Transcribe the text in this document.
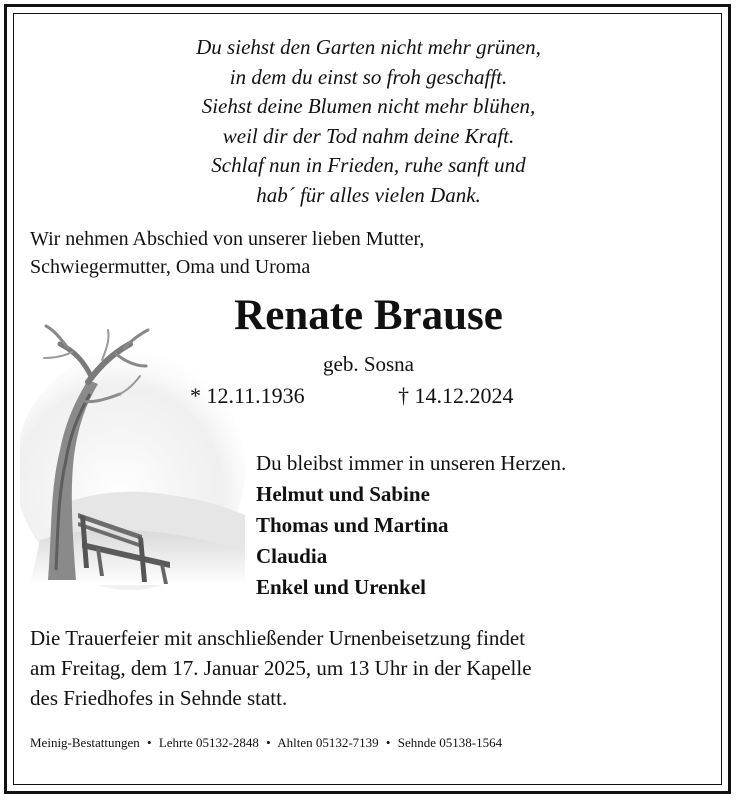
Du siehst den Garten nicht mehr grünen,
in dem du einst so froh geschafft.
Siehst deine Blumen nicht mehr blühen,
weil dir der Tod nahm deine Kraft.
Schlaf nun in Frieden, ruhe sanft und
hab´ für alles vielen Dank.
Wir nehmen Abschied von unserer lieben Mutter,
Schwiegermutter, Oma und Uroma
Renate Brause
geb. Sosna
* 12.11.1936	† 14.12.2024
Du bleibst immer in unseren Herzen.
Helmut und Sabine
Thomas und Martina
Claudia
Enkel und Urenkel
Die Trauerfeier mit anschließender Urnenbeisetzung findet
am Freitag, dem 17. Januar 2025, um 13 Uhr in der Kapelle
des Friedhofes in Sehnde statt.
Meinig-Bestattungen • Lehrte 05132-2848 • Ahlten 05132-7139 • Sehnde 05138-1564
